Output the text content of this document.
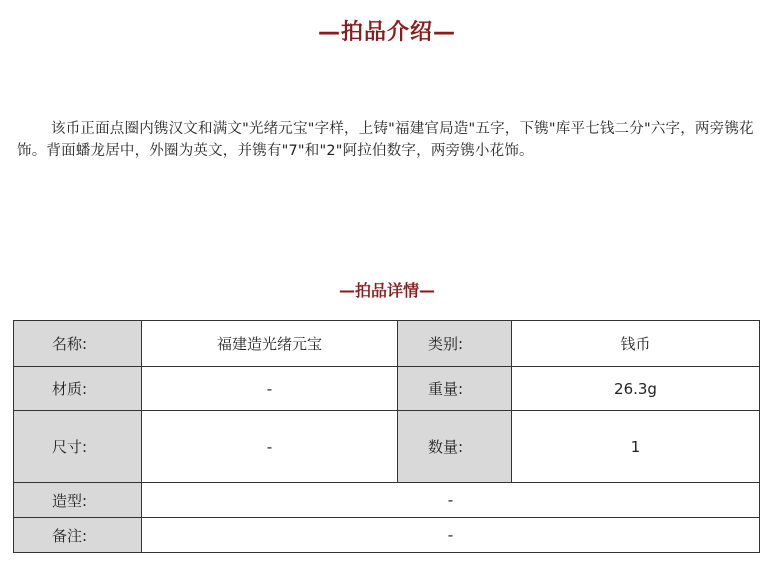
—拍品介绍—
该币正面点圈内镌汉文和满文"光绪元宝"字样，上铸"福建官局造"五字，下镌"库平七钱二分"六字，两旁镌花饰。背面蟠龙居中，外圈为英文，并镌有"7"和"2"阿拉伯数字，两旁镌小花饰。
—拍品详情—
名称:	福建造光绪元宝	类别:	钱币
材质:	-	重量:	26.3g
尺寸:	-	数量:	1
造型:	-		
备注:	-		
